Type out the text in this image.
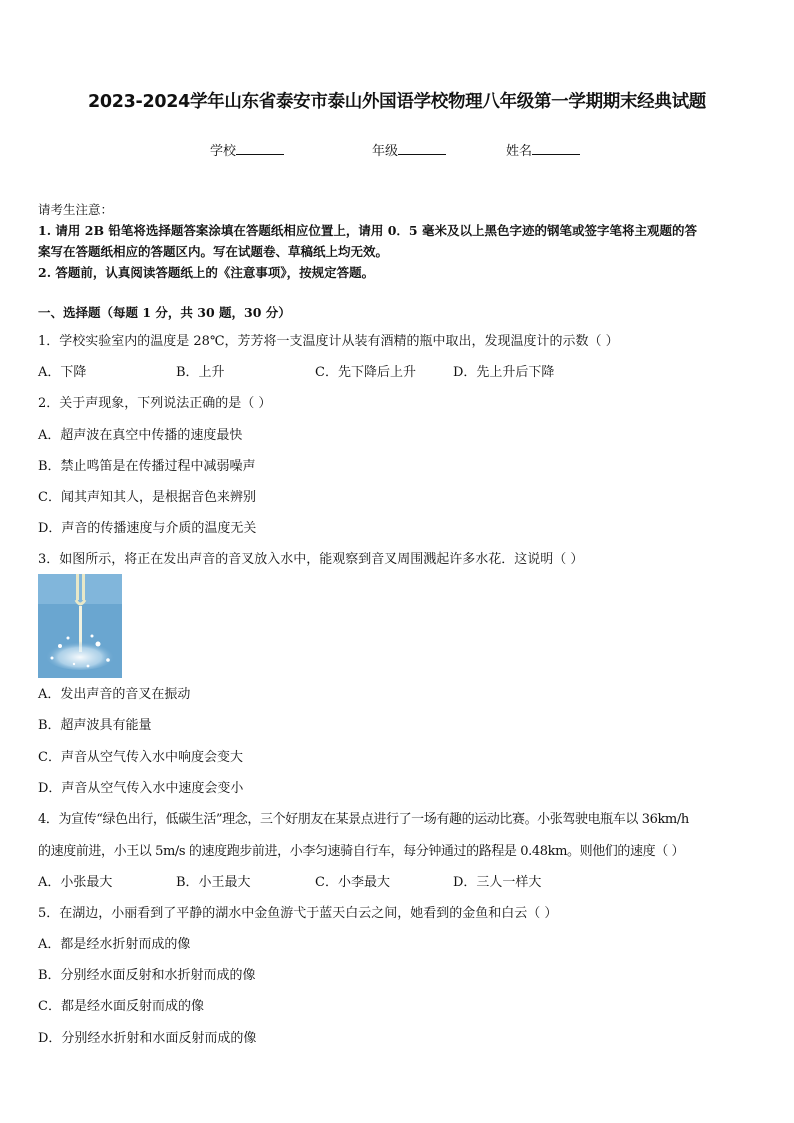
2023-2024学年山东省泰安市泰山外国语学校物理八年级第一学期期末经典试题
学校	年级	姓名
请考生注意：
1. 请用 2B 铅笔将选择题答案涂填在答题纸相应位置上，请用 0．5 毫米及以上黑色字迹的钢笔或签字笔将主观题的答
案写在答题纸相应的答题区内。写在试题卷、草稿纸上均无效。
2. 答题前，认真阅读答题纸上的《注意事项》，按规定答题。
一、选择题（每题 1 分，共 30 题，30 分）
1．学校实验室内的温度是 28℃，芳芳将一支温度计从装有酒精的瓶中取出，发现温度计的示数（ ）
A．下降	B．上升	C．先下降后上升	D．先上升后下降
2．关于声现象，下列说法正确的是（ ）
A．超声波在真空中传播的速度最快
B．禁止鸣笛是在传播过程中减弱噪声
C．闻其声知其人，是根据音色来辨别
D．声音的传播速度与介质的温度无关
3．如图所示，将正在发出声音的音叉放入水中，能观察到音叉周围溅起许多水花．这说明（ ）
A．发出声音的音叉在振动
B．超声波具有能量
C．声音从空气传入水中响度会变大
D．声音从空气传入水中速度会变小
4．为宣传“绿色出行，低碳生活”理念，三个好朋友在某景点进行了一场有趣的运动比赛。小张驾驶电瓶车以 36km/h
的速度前进，小王以 5m/s 的速度跑步前进，小李匀速骑自行车，每分钟通过的路程是 0.48km。则他们的速度（ ）
A．小张最大	B．小王最大	C．小李最大	D．三人一样大
5．在湖边，小丽看到了平静的湖水中金鱼游弋于蓝天白云之间，她看到的金鱼和白云（ ）
A．都是经水折射而成的像
B．分别经水面反射和水折射而成的像
C．都是经水面反射而成的像
D．分别经水折射和水面反射而成的像
